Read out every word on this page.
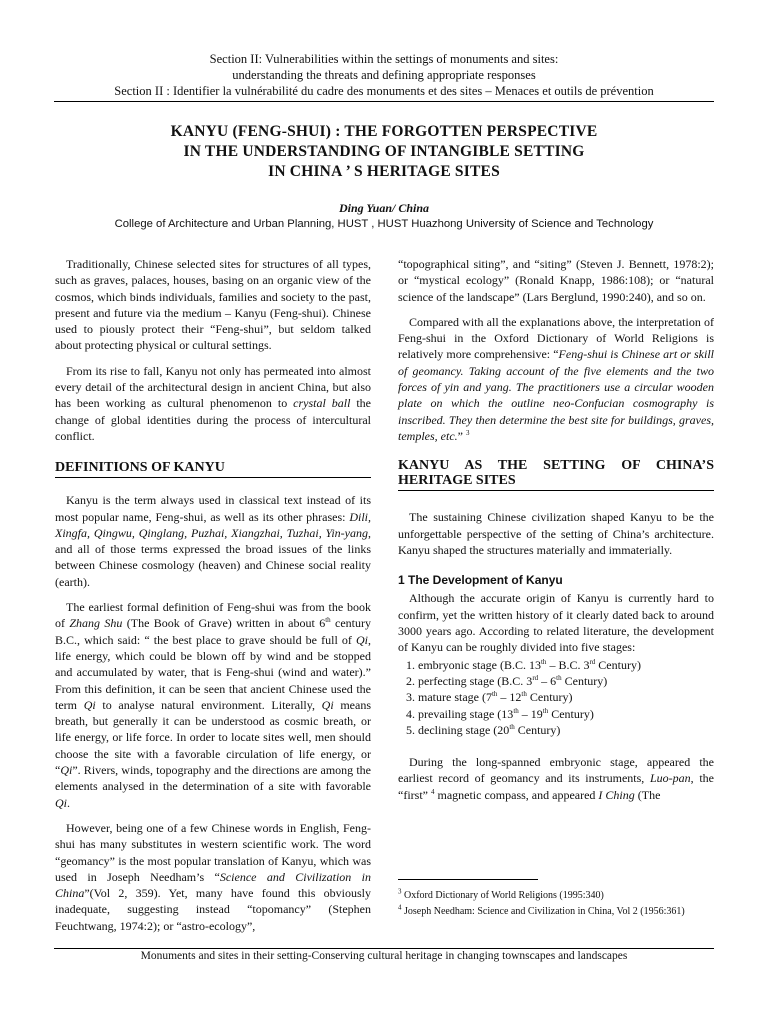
Section II: Vulnerabilities within the settings of monuments and sites:
understanding the threats and defining appropriate responses
Section II : Identifier la vulnérabilité du cadre des monuments et des sites – Menaces et outils de prévention
KANYU (FENG-SHUI) : THE FORGOTTEN PERSPECTIVE
IN THE UNDERSTANDING OF INTANGIBLE SETTING
IN CHINA ’ S HERITAGE SITES
Ding Yuan/ China
College of Architecture and Urban Planning, HUST , HUST Huazhong University of Science and Technology

Traditionally, Chinese selected sites for structures of all types, such as graves, palaces, houses, basing on an organic view of the cosmos, which binds individuals, families and society to the past, present and future via the medium – Kanyu (Feng-shui). Chinese used to piously protect their “Feng-shui”, but seldom talked about protecting physical or cultural settings.

From its rise to fall, Kanyu not only has permeated into almost every detail of the architectural design in ancient China, but also has been working as cultural phenomenon to crystal ball the change of global identities during the process of intercultural conflict.

DEFINITIONS OF KANYU

Kanyu is the term always used in classical text instead of its most popular name, Feng-shui, as well as its other phrases: Dili, Xingfa, Qingwu, Qinglang, Puzhai, Xiangzhai, Tuzhai, Yin-yang, and all of those terms expressed the broad issues of the links between Chinese cosmology (heaven) and Chinese social reality (earth).

The earliest formal definition of Feng-shui was from the book of Zhang Shu (The Book of Grave) written in about 6th century B.C., which said: “ the best place to grave should be full of Qi, life energy, which could be blown off by wind and be stopped and accumulated by water, that is Feng-shui (wind and water).” From this definition, it can be seen that ancient Chinese used the term Qi to analyse natural environment. Literally, Qi means breath, but generally it can be understood as cosmic breath, or life energy, or life force. In order to locate sites well, men should choose the site with a favorable circulation of life energy, or “Qi”. Rivers, winds, topography and the directions are among the elements analysed in the determination of a site with favorable Qi.

However, being one of a few Chinese words in English, Feng-shui has many substitutes in western scientific work. The word “geomancy” is the most popular translation of Kanyu, which was used in Joseph Needham’s “Science and Civilization in China”(Vol 2, 359). Yet, many have found this obviously inadequate, suggesting instead “topomancy” (Stephen Feuchtwang, 1974:2); or “astro-ecology”,

“topographical siting”, and “siting” (Steven J. Bennett, 1978:2); or “mystical ecology” (Ronald Knapp, 1986:108); or “natural science of the landscape” (Lars Berglund, 1990:240), and so on.

Compared with all the explanations above, the interpretation of Feng-shui in the Oxford Dictionary of World Religions is relatively more comprehensive: “Feng-shui is Chinese art or skill of geomancy. Taking account of the five elements and the two forces of yin and yang. The practitioners use a circular wooden plate on which the outline neo-Confucian cosmography is inscribed. They then determine the best site for buildings, graves, temples, etc.” $^3$

KANYU AS THE SETTING OF CHINA’S HERITAGE SITES

The sustaining Chinese civilization shaped Kanyu to be the unforgettable perspective of the setting of China’s architecture. Kanyu shaped the structures materially and immaterially.

1 The Development of Kanyu

Although the accurate origin of Kanyu is currently hard to confirm, yet the written history of it clearly dated back to around 3000 years ago. According to related literature, the development of Kanyu can be roughly divided into five stages:

1. embryonic stage (B.C. 13th – B.C. 3rd Century)
2. perfecting stage (B.C. 3rd – 6th Century)
3. mature stage (7th – 12th Century)
4. prevailing stage (13th – 19th Century)
5. declining stage (20th Century)

During the long-spanned embryonic stage, appeared the earliest record of geomancy and its instruments, Luo-pan, the “first” $^4$ magnetic compass, and appeared I Ching (The

$^3$ Oxford Dictionary of World Religions (1995:340)
$^4$ Joseph Needham: Science and Civilization in China, Vol 2 (1956:361)
Monuments and sites in their setting-Conserving cultural heritage in changing townscapes and landscapes
